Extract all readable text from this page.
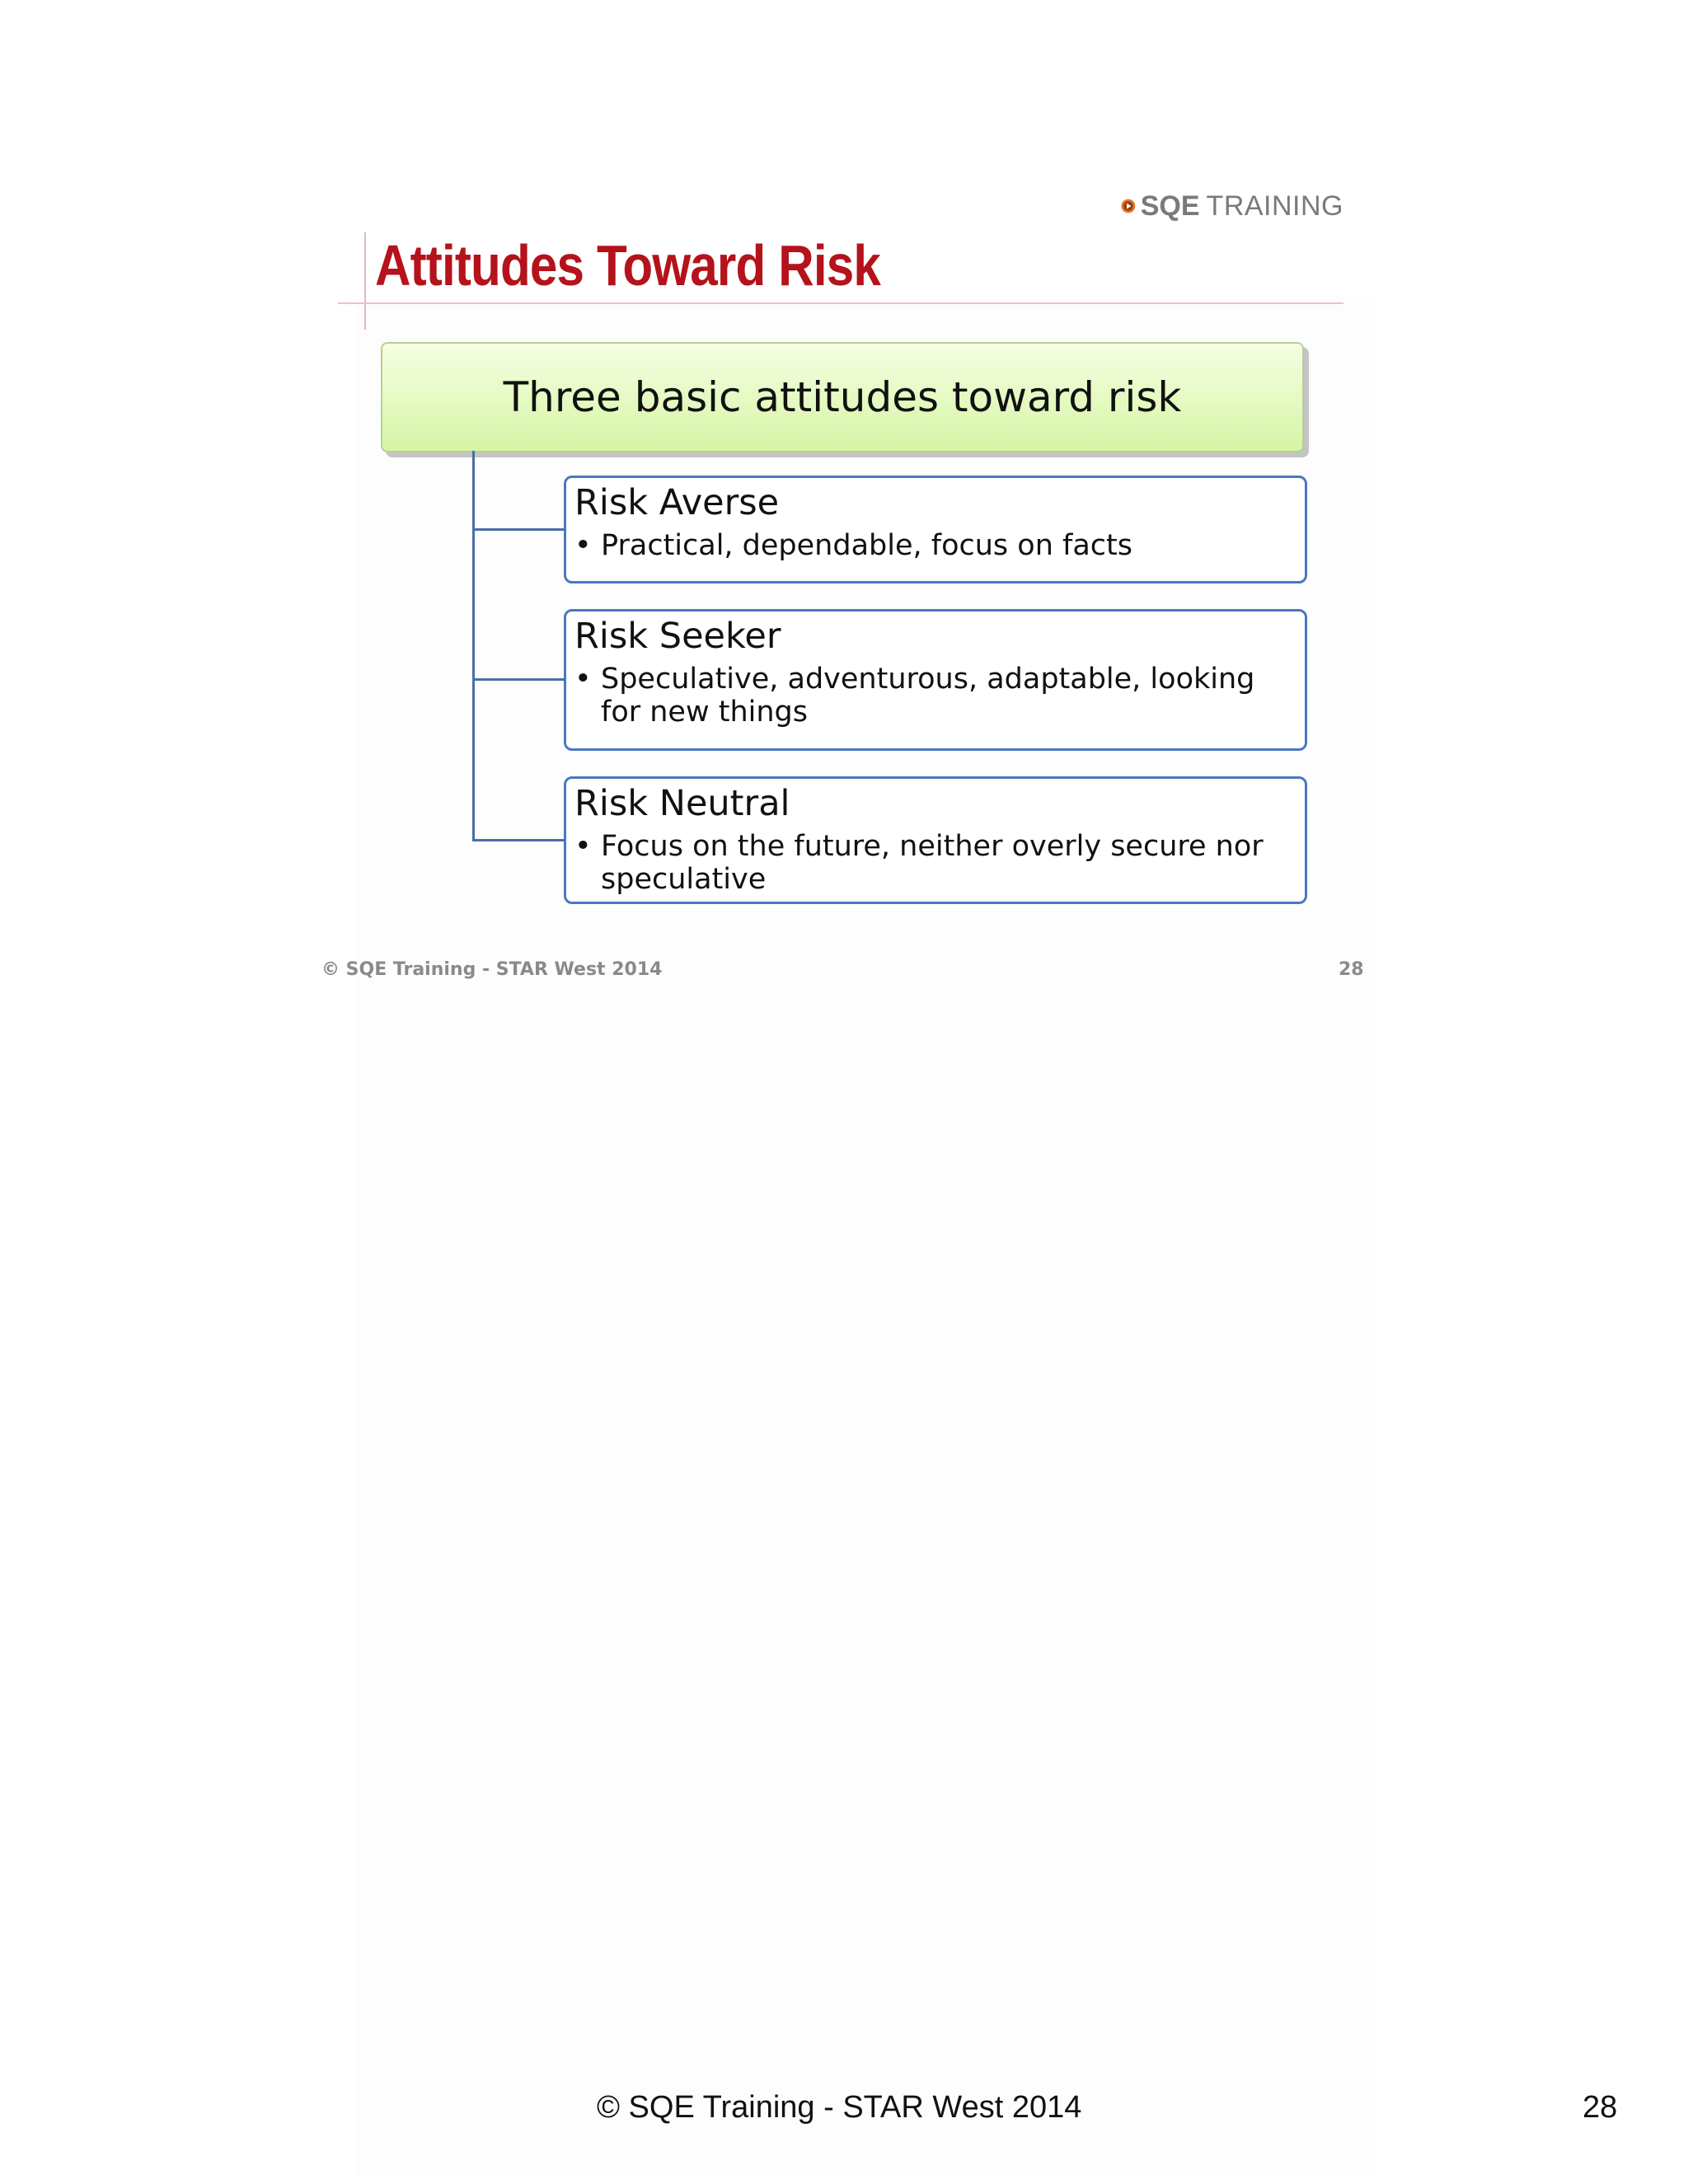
SQE TRAINING
Attitudes Toward Risk
Three basic attitudes toward risk
Risk Averse
• Practical, dependable, focus on facts
Risk Seeker
• Speculative, adventurous, adaptable, looking for new things
Risk Neutral
• Focus on the future, neither overly secure nor speculative
© SQE Training - STAR West 2014	28
© SQE Training - STAR West 2014	28
